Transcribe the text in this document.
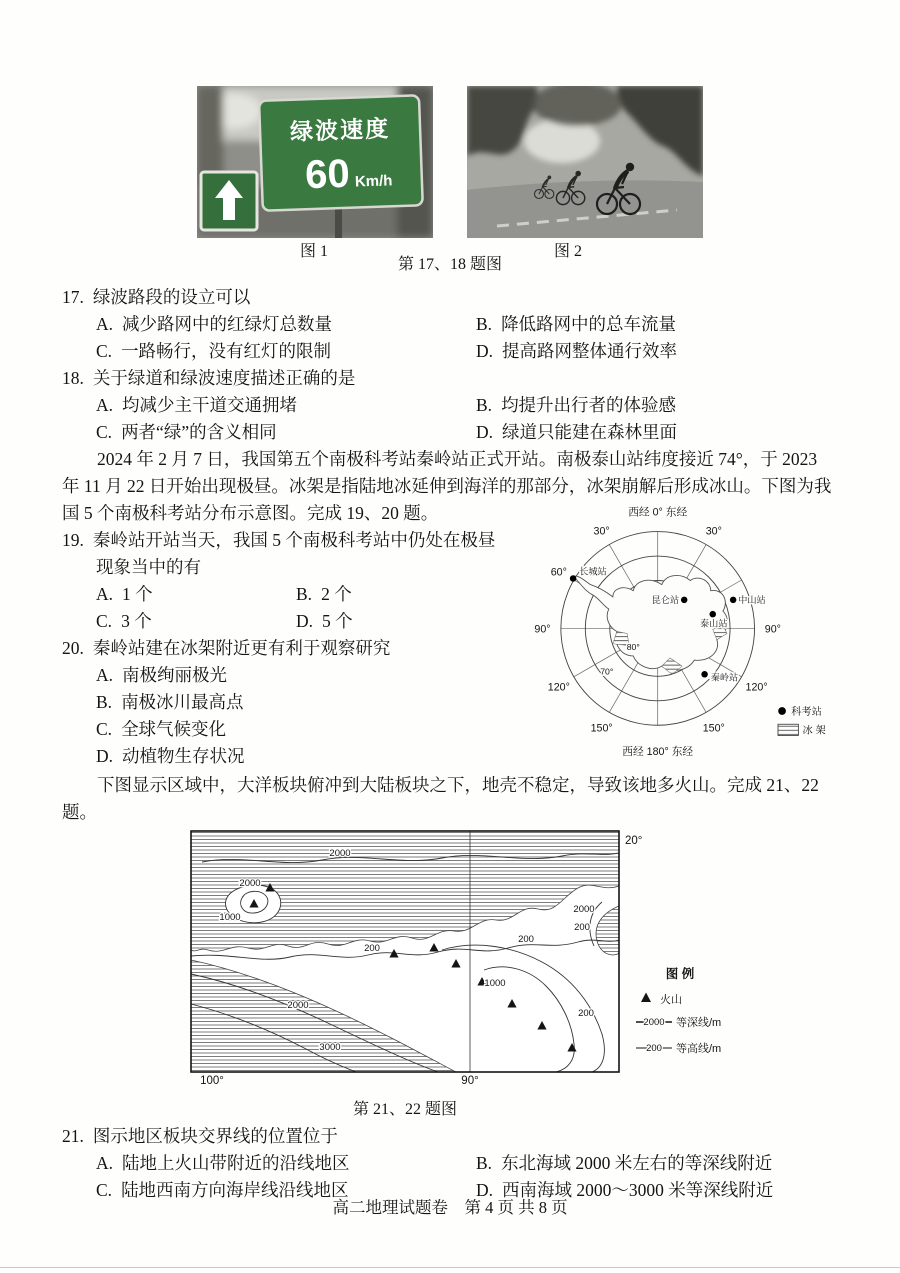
绿波速度
60 Km/h
图 1
第 17、18 题图
图 2
17. 绿波路段的设立可以
A. 减少路网中的红绿灯总数量	B. 降低路网中的总车流量
C. 一路畅行，没有红灯的限制	D. 提高路网整体通行效率
18. 关于绿道和绿波速度描述正确的是
A. 均减少主干道交通拥堵	B. 均提升出行者的体验感
C. 两者“绿”的含义相同	D. 绿道只能建在森林里面
2024 年 2 月 7 日，我国第五个南极科考站秦岭站正式开站。南极泰山站纬度接近 74°，于 2023 年 11 月 22 日开始出现极昼。冰架是指陆地冰延伸到海洋的那部分，冰架崩解后形成冰山。下图为我国 5 个南极科考站分布示意图。完成 19、20 题。	西经 0° 东经
30°	30°
60°
90°	90°
120°	120°
150°	150°
西经 180° 东经
80°
70°
长城站
昆仑站	中山站
泰山站
秦岭站
科考站
冰 架
19. 秦岭站开站当天，我国 5 个南极科考站中仍处在极昼现象当中的有
A. 1 个	B. 2 个
C. 3 个	D. 5 个
20. 秦岭站建在冰架附近更有利于观察研究
A. 南极绚丽极光
B. 南极冰川最高点
C. 全球气候变化
D. 动植物生存状况
下图显示区域中，大洋板块俯冲到大陆板块之下，地壳不稳定，导致该地多火山。完成 21、22 题。
2000
2000
1000
200
200
2000
200
1000
200
2000
3000
20°
100°	90°
图 例
火山
2000 等深线/m
200 等高线/m
第 21、22 题图
21. 图示地区板块交界线的位置位于
A. 陆地上火山带附近的沿线地区	B. 东北海域 2000 米左右的等深线附近
C. 陆地西南方向海岸线沿线地区	D. 西南海域 2000～3000 米等深线附近
高二地理试题卷　第 4 页 共 8 页
